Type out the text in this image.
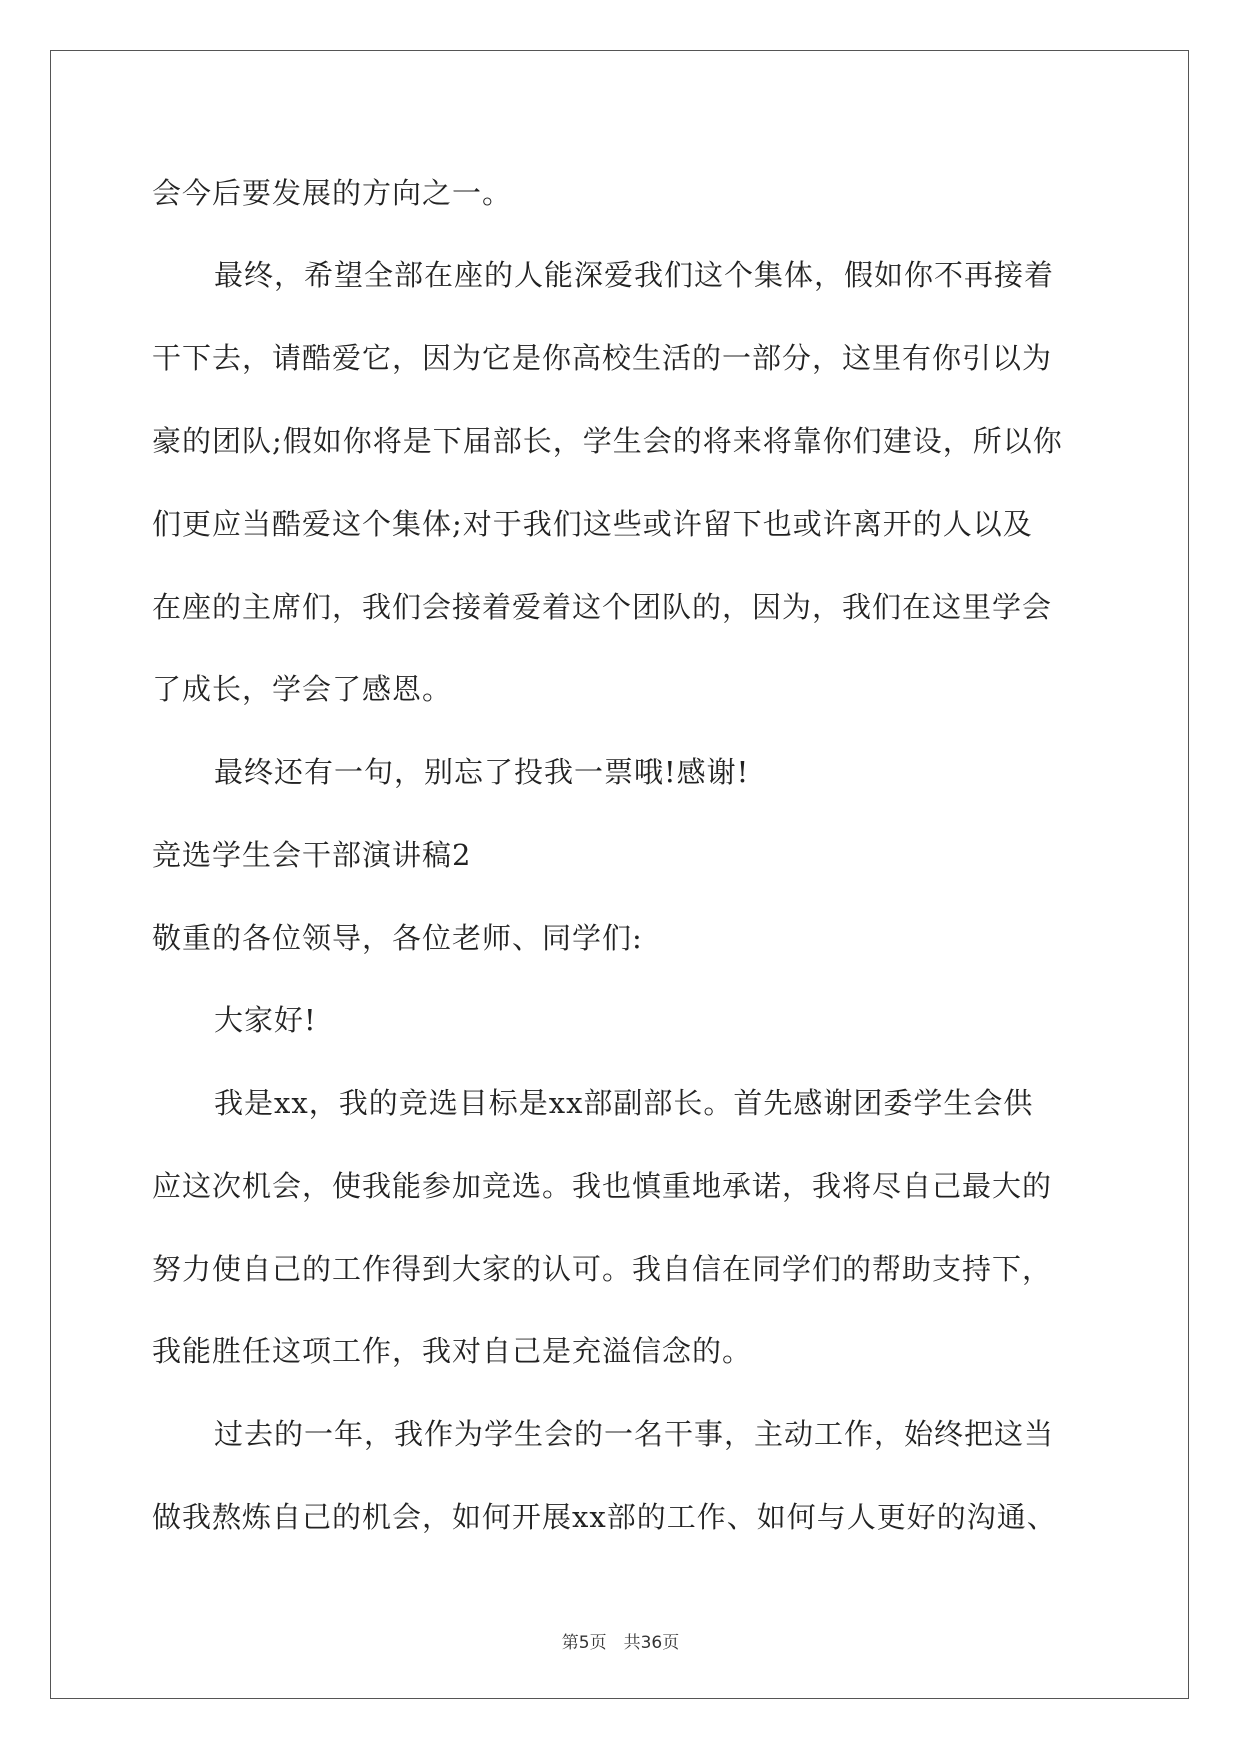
会今后要发展的方向之一。
最终，希望全部在座的人能深爱我们这个集体，假如你不再接着
干下去，请酷爱它，因为它是你高校生活的一部分，这里有你引以为
豪的团队;假如你将是下届部长，学生会的将来将靠你们建设，所以你
们更应当酷爱这个集体;对于我们这些或许留下也或许离开的人以及
在座的主席们，我们会接着爱着这个团队的，因为，我们在这里学会
了成长，学会了感恩。
最终还有一句，别忘了投我一票哦!感谢!
竞选学生会干部演讲稿2
敬重的各位领导，各位老师、同学们:
大家好!
我是xx，我的竞选目标是xx部副部长。首先感谢团委学生会供
应这次机会，使我能参加竞选。我也慎重地承诺，我将尽自己最大的
努力使自己的工作得到大家的认可。我自信在同学们的帮助支持下，
我能胜任这项工作，我对自己是充溢信念的。
过去的一年，我作为学生会的一名干事，主动工作，始终把这当
做我熬炼自己的机会，如何开展xx部的工作、如何与人更好的沟通、
第5页　共36页
